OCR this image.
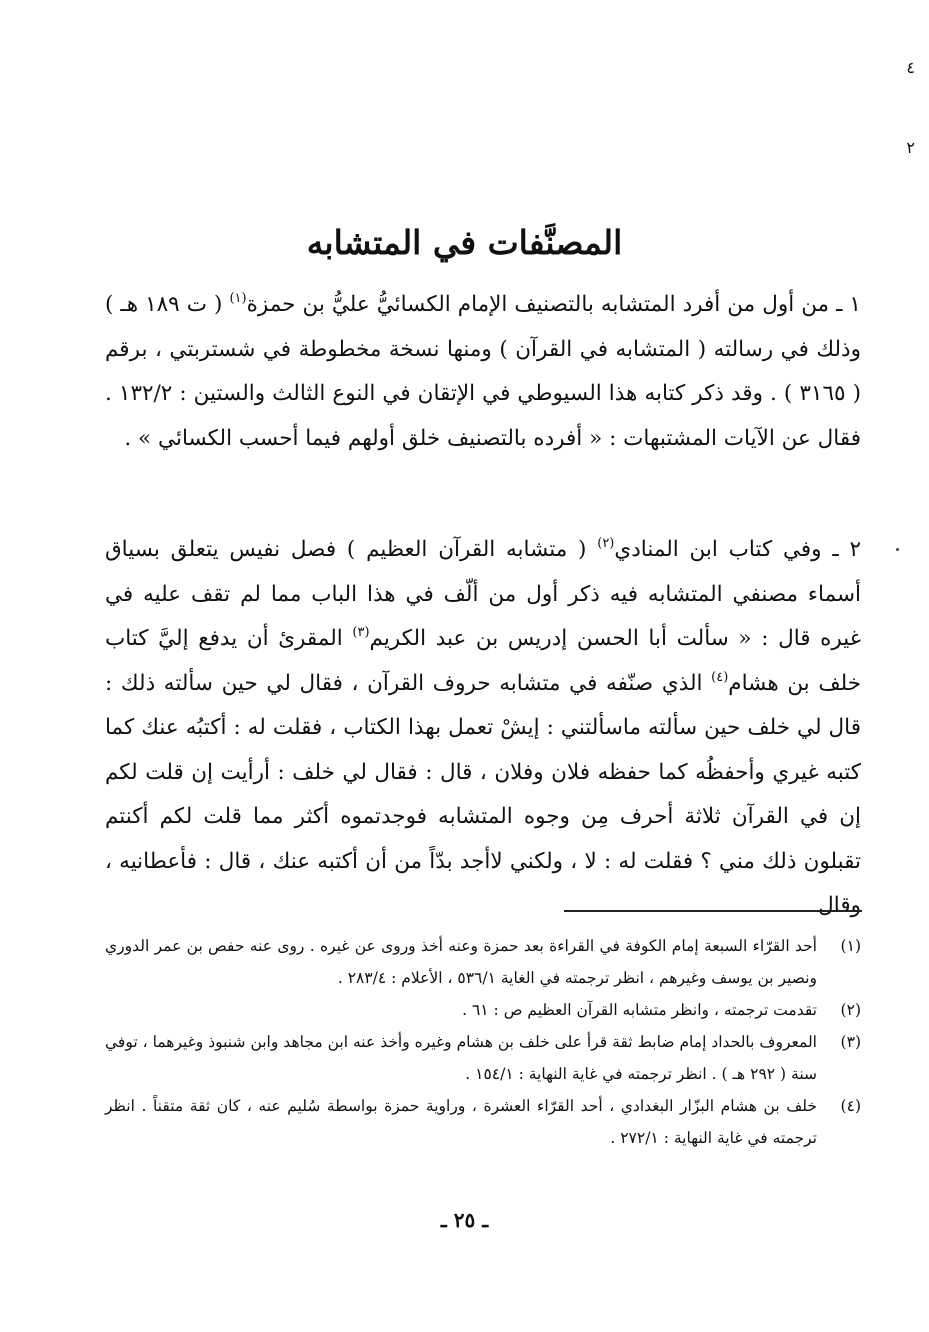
٤
٢
المصنَّفات في المتشابه

١ ـ من أول من أفرد المتشابه بالتصنيف الإمام الكسائيُّ عليُّ بن حمزة$^{(١)}$ ( ت ١٨٩ هـ ) وذلك في رسالته ( المتشابه في القرآن ) ومنها نسخة مخطوطة في شستربتي ، برقم ( ٣١٦٥ ) . وقد ذكر كتابه هذا السيوطي في الإتقان في النوع الثالث والستين : ١٣٢/٢ . فقال عن الآيات المشتبهات : « أفرده بالتصنيف خلق أولهم فيما أحسب الكسائي » .

٢ ـ وفي كتاب ابن المنادي$^{(٢)}$ ( متشابه القرآن العظيم ) فصل نفيس يتعلق بسياق أسماء مصنفي المتشابه فيه ذكر أول من ألّف في هذا الباب مما لم تقف عليه في غيره قال : « سألت أبا الحسن إدريس بن عبد الكريم$^{(٣)}$ المقرئ أن يدفع إليَّ كتاب خلف بن هشام$^{(٤)}$ الذي صنّفه في متشابه حروف القرآن ، فقال لي حين سألته ذلك : قال لي خلف حين سألته ماسألتني : إيشْ تعمل بهذا الكتاب ، فقلت له : أكتبُه عنك كما كتبه غيري وأحفظُه كما حفظه فلان وفلان ، قال : فقال لي خلف : أرأيت إن قلت لكم إن في القرآن ثلاثة أحرف مِن وجوه المتشابه فوجدتموه أكثر مما قلت لكم أكنتم تقبلون ذلك مني ؟ فقلت له : لا ، ولكني لاأجد بدّاً من أن أكتبه عنك ، قال : فأعطانيه ، وقال

(١)
أحد القرّاء السبعة إمام الكوفة في القراءة بعد حمزة وعنه أخذ وروى عن غيره . روى عنه حفص بن عمر الدوري ونصير بن يوسف وغيرهم ، انظر ترجمته في الغاية ٥٣٦/١ ، الأعلام : ٢٨٣/٤ .
(٢)
تقدمت ترجمته ، وانظر متشابه القرآن العظيم ص : ٦١ .
(٣)
المعروف بالحداد إمام ضابط ثقة قرأ على خلف بن هشام وغيره وأخذ عنه ابن مجاهد وابن شنبوذ وغيرهما ، توفي سنة ( ٢٩٢ هـ ) . انظر ترجمته في غاية النهاية : ١٥٤/١ .
(٤)
خلف بن هشام البزّار البغدادي ، أحد القرّاء العشرة ، وراوية حمزة بواسطة سُليم عنه ، كان ثقة متقناً . انظر ترجمته في غاية النهاية : ٢٧٢/١ .
ـ ٢٥ ـ
